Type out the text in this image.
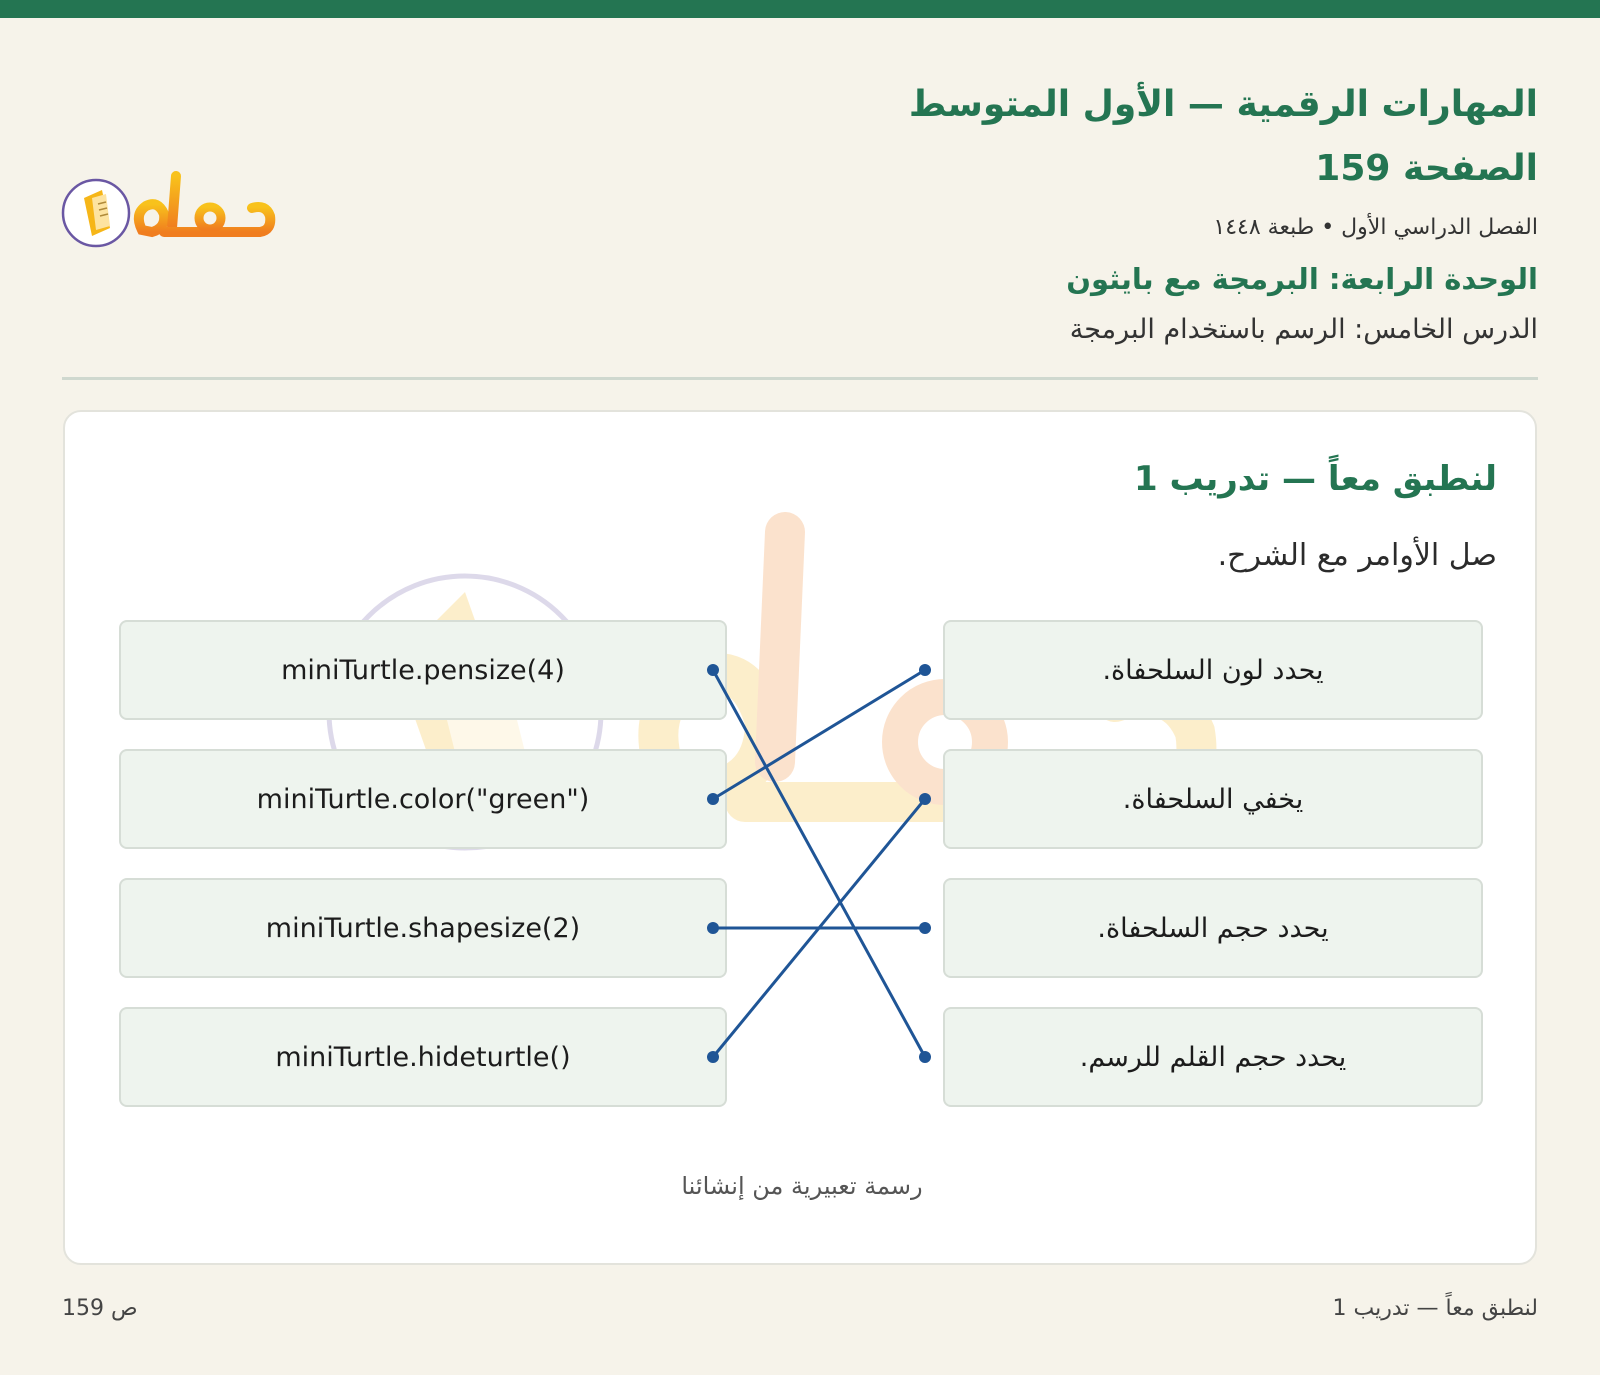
المهارات الرقمية — الأول المتوسط
الصفحة 159
الفصل الدراسي الأول • طبعة ١٤٤٨
الوحدة الرابعة: البرمجة مع بايثون
الدرس الخامس: الرسم باستخدام البرمجة
لنطبق معاً — تدريب 1
صل الأوامر مع الشرح.
miniTurtle.pensize(4)
miniTurtle.color("green")
miniTurtle.shapesize(2)
miniTurtle.hideturtle()
يحدد لون السلحفاة.
يخفي السلحفاة.
يحدد حجم السلحفاة.
يحدد حجم القلم للرسم.
رسمة تعبيرية من إنشائنا
لنطبق معاً — تدريب 1
ص 159
